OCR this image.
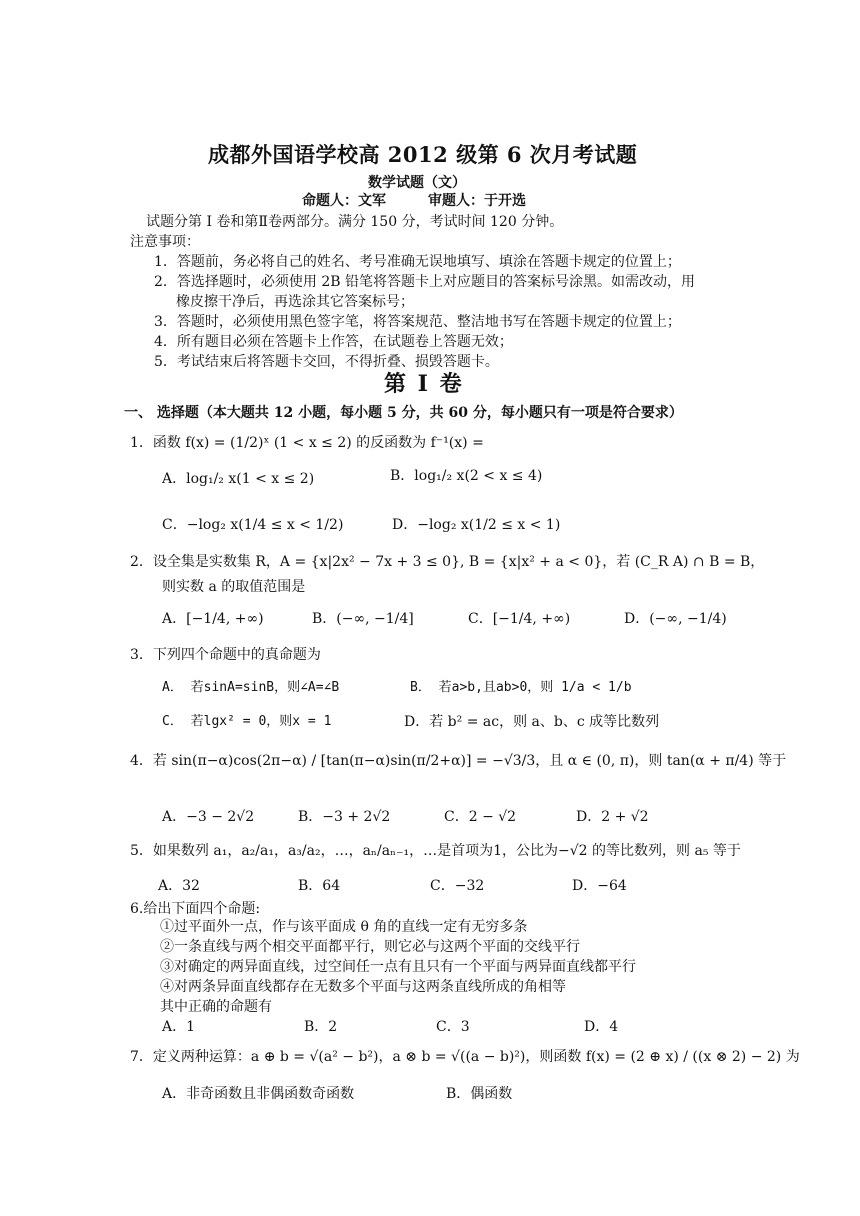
成都外国语学校高 2012 级第 6 次月考试题
数学试题（文）
命题人：文军　　　审题人：于开选
试题分第 I 卷和第Ⅱ卷两部分。满分 150 分，考试时间 120 分钟。
注意事项：
1．答题前，务必将自己的姓名、考号准确无误地填写、填涂在答题卡规定的位置上；
2．答选择题时，必须使用 2B 铅笔将答题卡上对应题目的答案标号涂黑。如需改动，用
橡皮擦干净后，再选涂其它答案标号；
3．答题时，必须使用黑色签字笔，将答案规范、整洁地书写在答题卡规定的位置上；
4．所有题目必须在答题卡上作答，在试题卷上答题无效；
5．考试结束后将答题卡交回，不得折叠、损毁答题卡。
第 I 卷
一、 选择题（本大题共 12 小题，每小题 5 分，共 60 分，每小题只有一项是符合要求）
1．函数 f(x) = (1/2)ˣ (1 < x ≤ 2) 的反函数为 f⁻¹(x) =
A．log₁/₂ x(1 < x ≤ 2)	B．log₁/₂ x(2 < x ≤ 4)
C．−log₂ x(1/4 ≤ x < 1/2)	D．−log₂ x(1/2 ≤ x < 1)
2．设全集是实数集 R，A = {x|2x² − 7x + 3 ≤ 0}, B = {x|x² + a < 0}，若 (C_R A) ∩ B = B，
则实数 a 的取值范围是
A．[−1/4, +∞)	B．(−∞, −1/4]	C．[−1/4, +∞)	D．(−∞, −1/4)
3．下列四个命题中的真命题为
A． 若sinA=sinB，则∠A=∠B	B． 若a>b,且ab>0，则 1/a < 1/b
C． 若lgx² = 0，则x = 1	D．若 b² = ac，则 a、b、c 成等比数列
4．若 sin(π−α)cos(2π−α) / [tan(π−α)sin(π/2+α)] = −√3/3，且 α ∈ (0, π)，则 tan(α + π/4) 等于
A．−3 − 2√2	B．−3 + 2√2	C．2 − √2	D．2 + √2
5．如果数列 a₁，a₂/a₁，a₃/a₂，…，aₙ/aₙ₋₁，…是首项为1，公比为−√2 的等比数列，则 a₅ 等于
A．32	B．64	C．−32	D．−64
6.给出下面四个命题:
①过平面外一点，作与该平面成 θ 角的直线一定有无穷多条
②一条直线与两个相交平面都平行，则它必与这两个平面的交线平行
③对确定的两异面直线，过空间任一点有且只有一个平面与两异面直线都平行
④对两条异面直线都存在无数多个平面与这两条直线所成的角相等
其中正确的命题有
A．1	B．2	C．3	D．4
7．定义两种运算：a ⊕ b = √(a² − b²)，a ⊗ b = √((a − b)²)，则函数 f(x) = (2 ⊕ x) / ((x ⊗ 2) − 2) 为
A．非奇函数且非偶函数奇函数	B．偶函数
